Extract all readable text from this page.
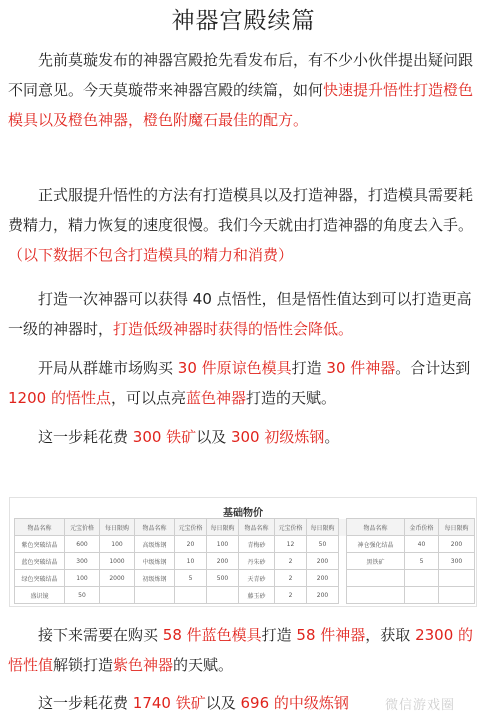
神器宫殿续篇
先前莫璇发布的神器宫殿抢先看发布后，有不少小伙伴提出疑问跟不同意见。今天莫璇带来神器宫殿的续篇，如何快速提升悟性打造橙色模具以及橙色神器，橙色附魔石最佳的配方。
正式服提升悟性的方法有打造模具以及打造神器，打造模具需要耗费精力，精力恢复的速度很慢。我们今天就由打造神器的角度去入手。（以下数据不包含打造模具的精力和消费）
打造一次神器可以获得 40 点悟性，但是悟性值达到可以打造更高一级的神器时，打造低级神器时获得的悟性会降低。
开局从群雄市场购买 30 件原谅色模具打造 30 件神器。合计达到 1200 的悟性点，可以点亮蓝色神器打造的天赋。
这一步耗花费 300 铁矿以及 300 初级炼钢。
基础物价
物品名称	元宝价格	每日限购	物品名称	元宝价格	每日限购	物品名称	元宝价格	每日限购		物品名称	金币价格	每日限购
紫色突破结晶	600	100	高级炼钢	20	100	青梅砂	12	50		神仓强化结晶	40	200
蓝色突破结晶	300	1000	中级炼钢	10	200	丹朱砂	2	200		黑铁矿	5	300
绿色突破结晶	100	2000	初级炼钢	5	500	天青砂	2	200				
盛识镜	50					藤玉砂	2	200				
接下来需要在购买 58 件蓝色模具打造 58 件神器，获取 2300 的悟性值解锁打造紫色神器的天赋。
这一步耗花费 1740 铁矿以及 696 的中级炼钢	微信游戏圈
